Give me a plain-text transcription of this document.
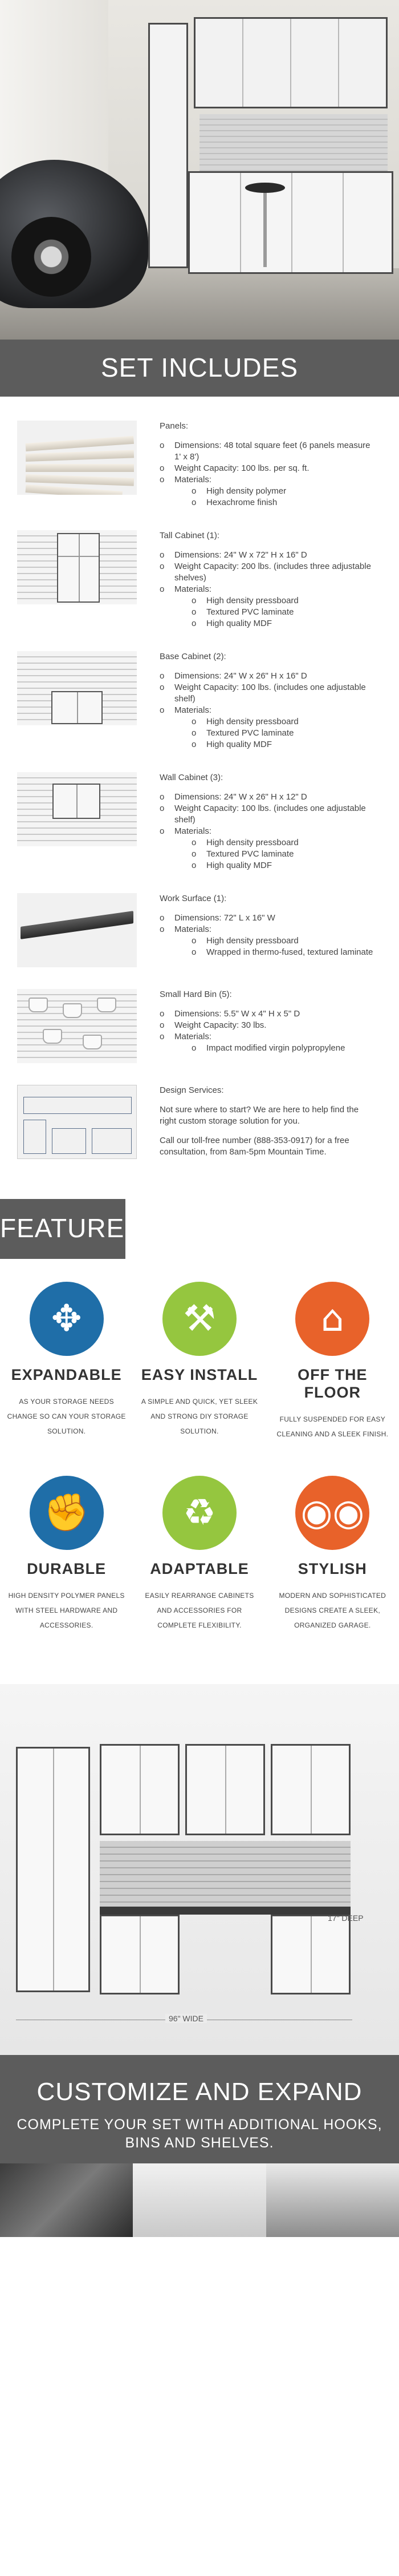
SET INCLUDES
Panels:
o Dimensions: 48 total square feet (6 panels measure 1' x 8')
o Weight Capacity: 100 lbs. per sq. ft.
o Materials:
o High density polymer
o Hexachrome finish
Tall Cabinet (1):
o Dimensions: 24" W x 72" H x 16" D
o Weight Capacity: 200 lbs. (includes three adjustable shelves)
o Materials:
o High density pressboard
o Textured PVC laminate
o High quality MDF
Base Cabinet (2):
o Dimensions: 24" W x 26" H x 16" D
o Weight Capacity: 100 lbs. (includes one adjustable shelf)
o Materials:
o High density pressboard
o Textured PVC laminate
o High quality MDF
Wall Cabinet (3):
o Dimensions: 24" W x 26" H x 12" D
o Weight Capacity: 100 lbs. (includes one adjustable shelf)
o Materials:
o High density pressboard
o Textured PVC laminate
o High quality MDF
Work Surface (1):
o Dimensions: 72" L x 16" W
o Materials:
o High density pressboard
o Wrapped in thermo-fused, textured laminate
Small Hard Bin (5):
o Dimensions: 5.5" W x 4" H x 5" D
o Weight Capacity: 30 lbs.
o Materials:
o Impact modified virgin polypropylene
Design Services:

Not sure where to start? We are here to help find the right custom storage solution for you.

Call our toll-free number (888-353-0917) for a free consultation, from 8am-5pm Mountain Time.

FEATURES
✥
EXPANDABLE
AS YOUR STORAGE NEEDS CHANGE SO CAN YOUR STORAGE SOLUTION.
⚒
EASY INSTALL
A SIMPLE AND QUICK, YET SLEEK AND STRONG DIY STORAGE SOLUTION.
⌂
OFF THE FLOOR
FULLY SUSPENDED FOR EASY CLEANING AND A SLEEK FINISH.
✊
DURABLE
HIGH DENSITY POLYMER PANELS WITH STEEL HARDWARE AND ACCESSORIES.
♻
ADAPTABLE
EASILY REARRANGE CABINETS AND ACCESSORIES FOR COMPLETE FLEXIBILITY.
◉◉
STYLISH
MODERN AND SOPHISTICATED DESIGNS CREATE A SLEEK, ORGANIZED GARAGE.
17" DEEP
96" WIDE
CUSTOMIZE AND EXPAND
COMPLETE YOUR SET WITH ADDITIONAL HOOKS, BINS AND SHELVES.
